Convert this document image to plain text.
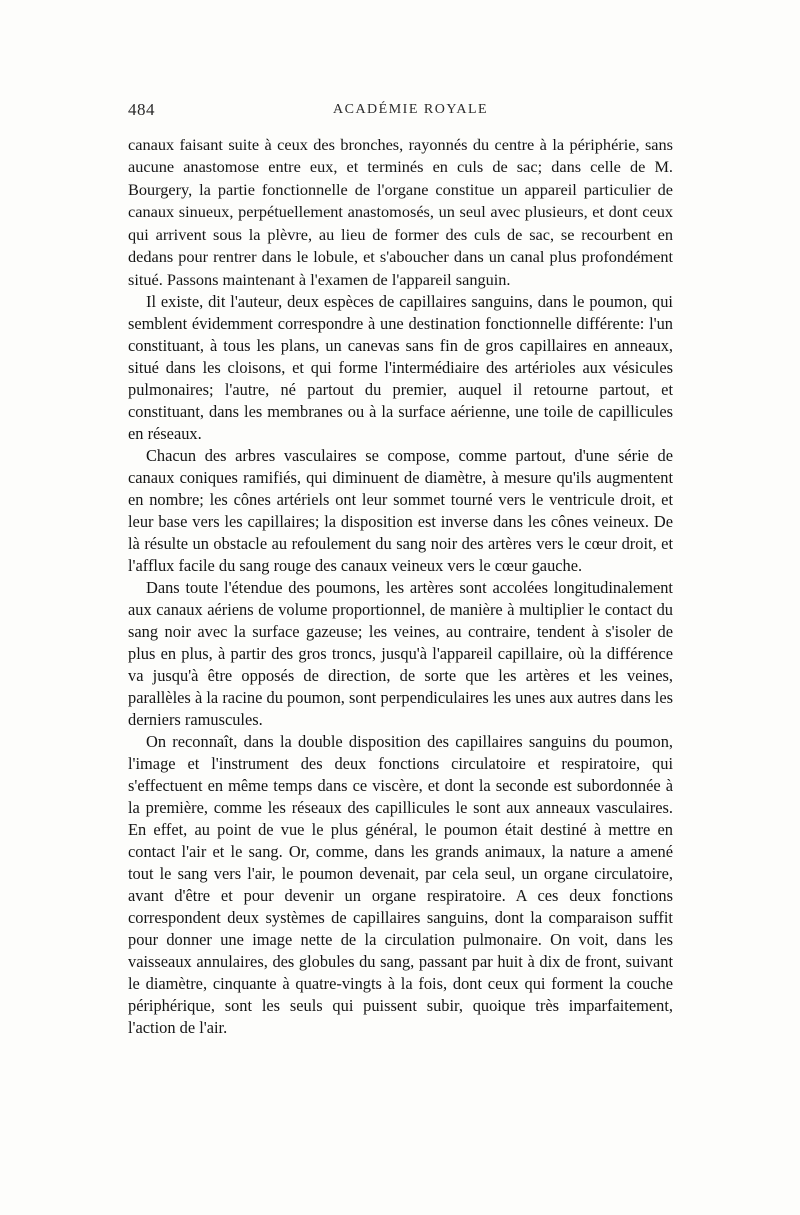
484	ACADÉMIE ROYALE

canaux faisant suite à ceux des bronches, rayonnés du centre à la périphérie, sans aucune anastomose entre eux, et terminés en culs de sac; dans celle de M. Bourgery, la partie fonctionnelle de l'organe constitue un appareil particulier de canaux sinueux, perpétuellement anastomosés, un seul avec plusieurs, et dont ceux qui arrivent sous la plèvre, au lieu de former des culs de sac, se recourbent en dedans pour rentrer dans le lobule, et s'aboucher dans un canal plus profondément situé. Passons maintenant à l'examen de l'appareil sanguin.

Il existe, dit l'auteur, deux espèces de capillaires sanguins, dans le poumon, qui semblent évidemment correspondre à une destination fonctionnelle différente: l'un constituant, à tous les plans, un canevas sans fin de gros capillaires en anneaux, situé dans les cloisons, et qui forme l'intermédiaire des artérioles aux vésicules pulmonaires; l'autre, né partout du premier, auquel il retourne partout, et constituant, dans les membranes ou à la surface aérienne, une toile de capillicules en réseaux.

Chacun des arbres vasculaires se compose, comme partout, d'une série de canaux coniques ramifiés, qui diminuent de diamètre, à mesure qu'ils augmentent en nombre; les cônes artériels ont leur sommet tourné vers le ventricule droit, et leur base vers les capillaires; la disposition est inverse dans les cônes veineux. De là résulte un obstacle au refoulement du sang noir des artères vers le cœur droit, et l'afflux facile du sang rouge des canaux veineux vers le cœur gauche.

Dans toute l'étendue des poumons, les artères sont accolées longitudinalement aux canaux aériens de volume proportionnel, de manière à multiplier le contact du sang noir avec la surface gazeuse; les veines, au contraire, tendent à s'isoler de plus en plus, à partir des gros troncs, jusqu'à l'appareil capillaire, où la différence va jusqu'à être opposés de direction, de sorte que les artères et les veines, parallèles à la racine du poumon, sont perpendiculaires les unes aux autres dans les derniers ramuscules.

On reconnaît, dans la double disposition des capillaires sanguins du poumon, l'image et l'instrument des deux fonctions circulatoire et respiratoire, qui s'effectuent en même temps dans ce viscère, et dont la seconde est subordonnée à la première, comme les réseaux des capillicules le sont aux anneaux vasculaires. En effet, au point de vue le plus général, le poumon était destiné à mettre en contact l'air et le sang. Or, comme, dans les grands animaux, la nature a amené tout le sang vers l'air, le poumon devenait, par cela seul, un organe circulatoire, avant d'être et pour devenir un organe respiratoire. A ces deux fonctions correspondent deux systèmes de capillaires sanguins, dont la comparaison suffit pour donner une image nette de la circulation pulmonaire. On voit, dans les vaisseaux annulaires, des globules du sang, passant par huit à dix de front, suivant le diamètre, cinquante à quatre-vingts à la fois, dont ceux qui forment la couche périphérique, sont les seuls qui puissent subir, quoique très imparfaitement, l'action de l'air.
